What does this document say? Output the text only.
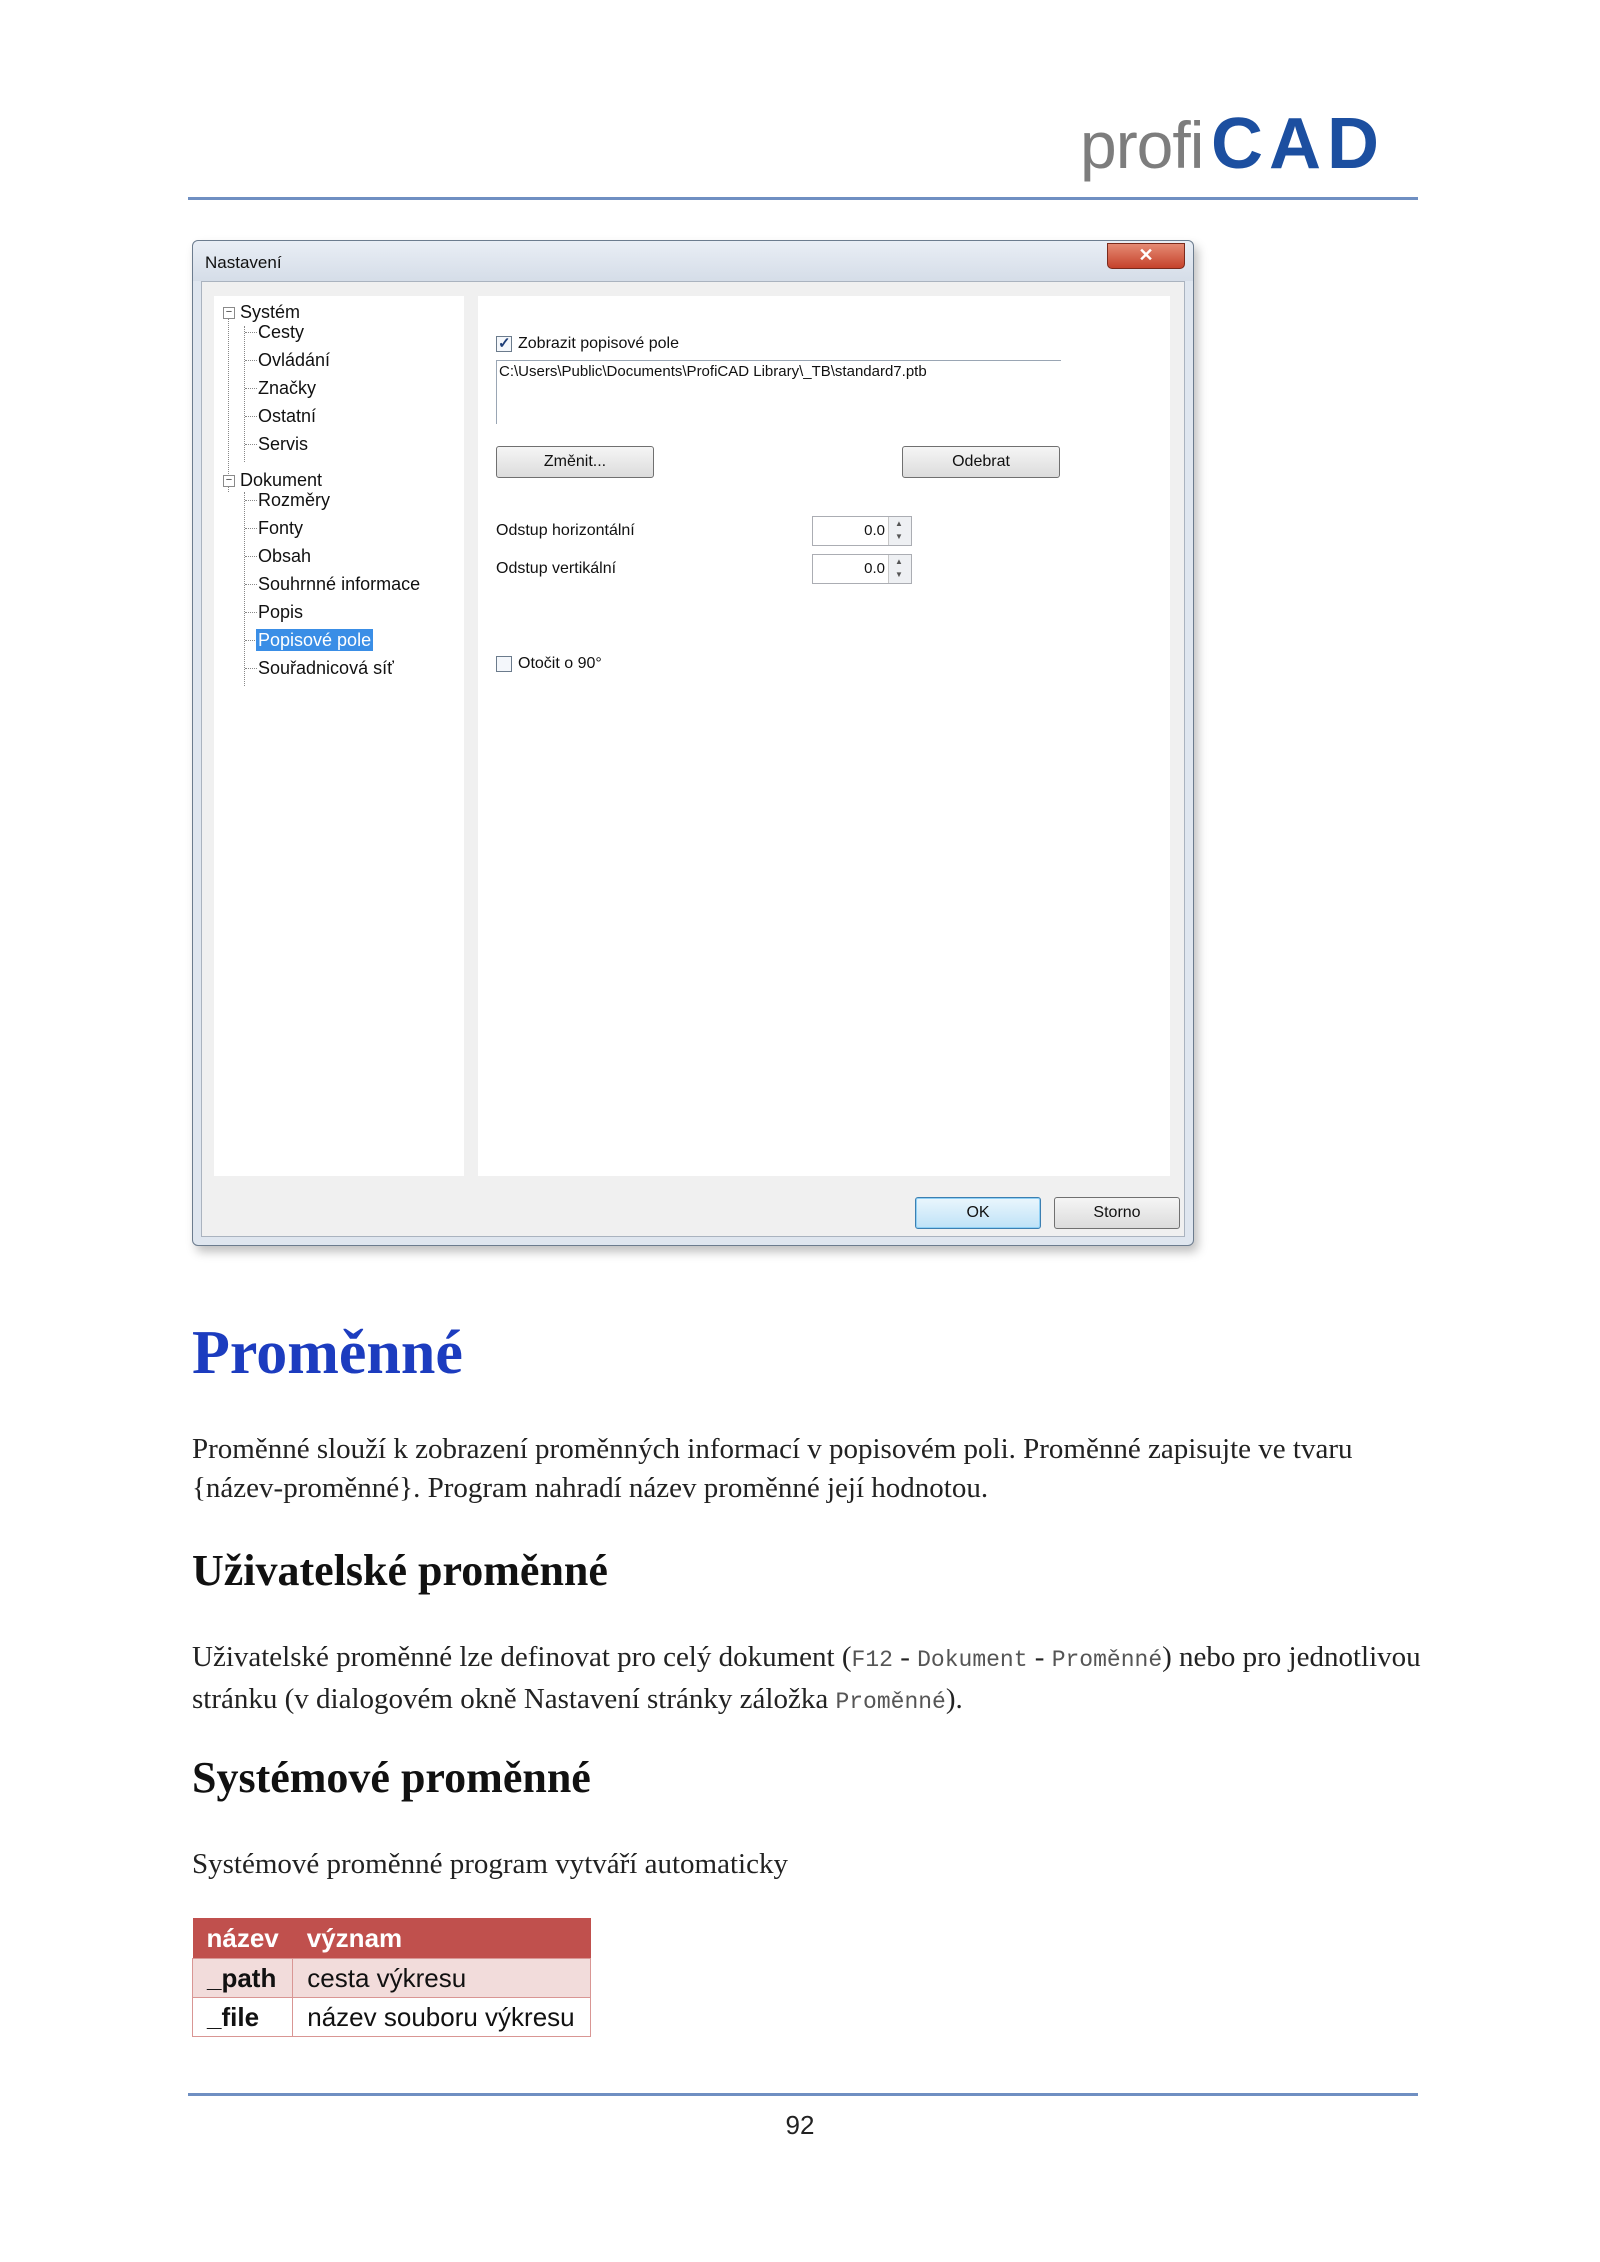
profi CAD
Nastavení	✕
− Systém
Cesty
Ovládání
Značky
Ostatní
Servis
− Dokument
Rozměry
Fonty
Obsah
Souhrnné informace
Popis
Popisové pole
Souřadnicová síť
✓
Zobrazit popisové pole
C:\Users\Public\Documents\ProfiCAD Library\_TB\standard7.ptb
Změnit...	Odebrat
Odstup horizontální	0.0 ▲
▼
Odstup vertikální	0.0 ▲
▼
Otočit o 90°
OK	Storno
Proměnné
Proměnné slouží k zobrazení proměnných informací v popisovém poli. Proměnné zapisujte ve tvaru {název-proměnné}. Program nahradí název proměnné její hodnotou.
Uživatelské proměnné
Uživatelské proměnné lze definovat pro celý dokument (F12 - Dokument - Proměnné) nebo pro jednotlivou stránku (v dialogovém okně Nastavení stránky záložka Proměnné).
Systémové proměnné
Systémové proměnné program vytváří automaticky
název	význam
_path	cesta výkresu
_file	název souboru výkresu
92
